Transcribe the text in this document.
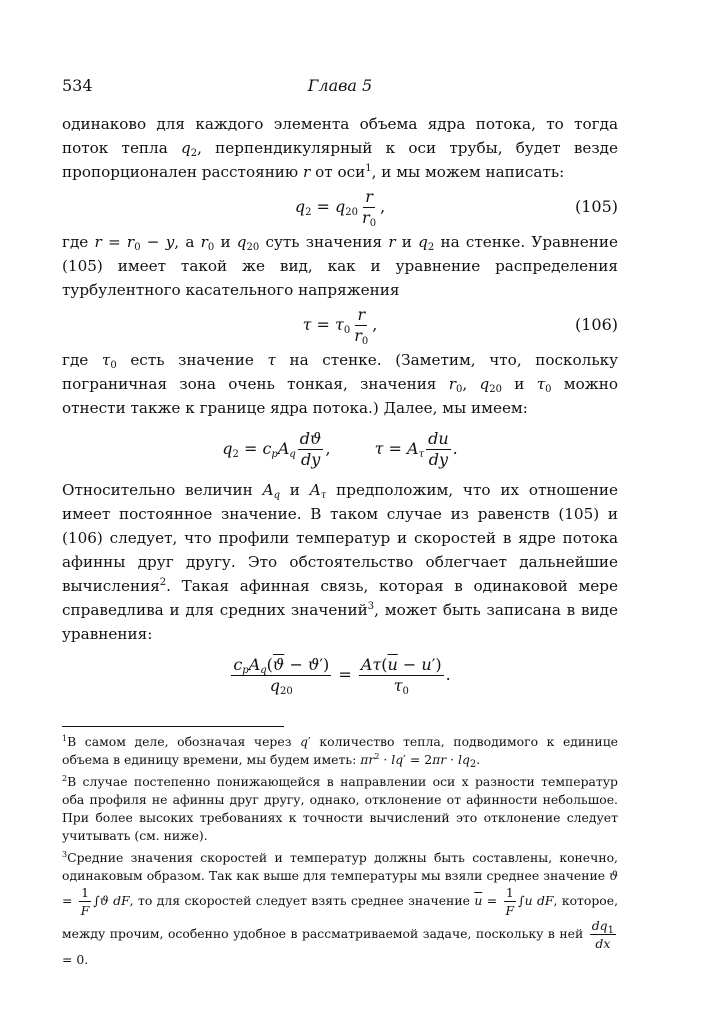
534	Глава 5

одинаково для каждого элемента объема ядра потока, то тогда поток тепла $q_2$, перпендикулярный к оси трубы, будет везде пропорционален расстоянию r от оси$^1$, и мы можем написать:

$q_2 = q_{20} \frac{r}{r_0}$ ,	(105)

где $r = r_0 - y$, а $r_0$ и $q_{20}$ суть значения r и $q_2$ на стенке. Уравнение (105) имеет такой же вид, как и уравнение распределения турбулентного касательного напряжения

$\tau = \tau_0 \frac{r}{r_0}$ ,	(106)

где $\tau_0$ есть значение τ на стенке. (Заметим, что, поскольку пограничная зона очень тонкая, значения $r_0$, $q_{20}$ и $\tau_0$ можно отнести также к границе ядра потока.) Далее, мы имеем:

$q_2 = c_pA_q \frac{dϑ}{dy}$ ,	$\tau = A_\tau \frac{du}{dy}$ .

Относительно величин $A_q$ и $A_\tau$ предположим, что их отношение имеет постоянное значение. В таком случае из равенств (105) и (106) следует, что профили температур и скоростей в ядре потока афинны друг другу. Это обстоятельство облегчает дальнейшие вычисления$^2$. Такая афинная связь, которая в одинаковой мере справедлива и для средних значений$^3$, может быть записана в виде уравнения:

$\frac{c_pA_q(\overline{ϑ} - ϑ')}{q_{20}} = \frac{A\tau(\overline{u} - u')}{\tau_0}$ .

$^1$В самом деле, обозначая через q′ количество тепла, подводимого к единице объема в единицу времени, мы будем иметь: $\pi r^2 \cdot lq' = 2\pi r \cdot lq_2$.

$^2$В случае постепенно понижающейся в направлении оси x разности температур оба профиля не афинны друг другу, однако, отклонение от афинности небольшое. При более высоких требованиях к точности вычислений это отклонение следует учитывать (см. ниже).

$^3$Средние значения скоростей и температур должны быть составлены, конечно, одинаковым образом. Так как выше для температуры мы взяли среднее значение $ϑ = \frac{1}{F} \int ϑ$ dF, то для скоростей следует взять среднее значение $\overline{u} = \frac{1}{F} \int u$ dF, которое, между прочим, особенно удобное в рассматриваемой задаче, поскольку в ней $\frac{dq_1}{dx}$
= 0.
